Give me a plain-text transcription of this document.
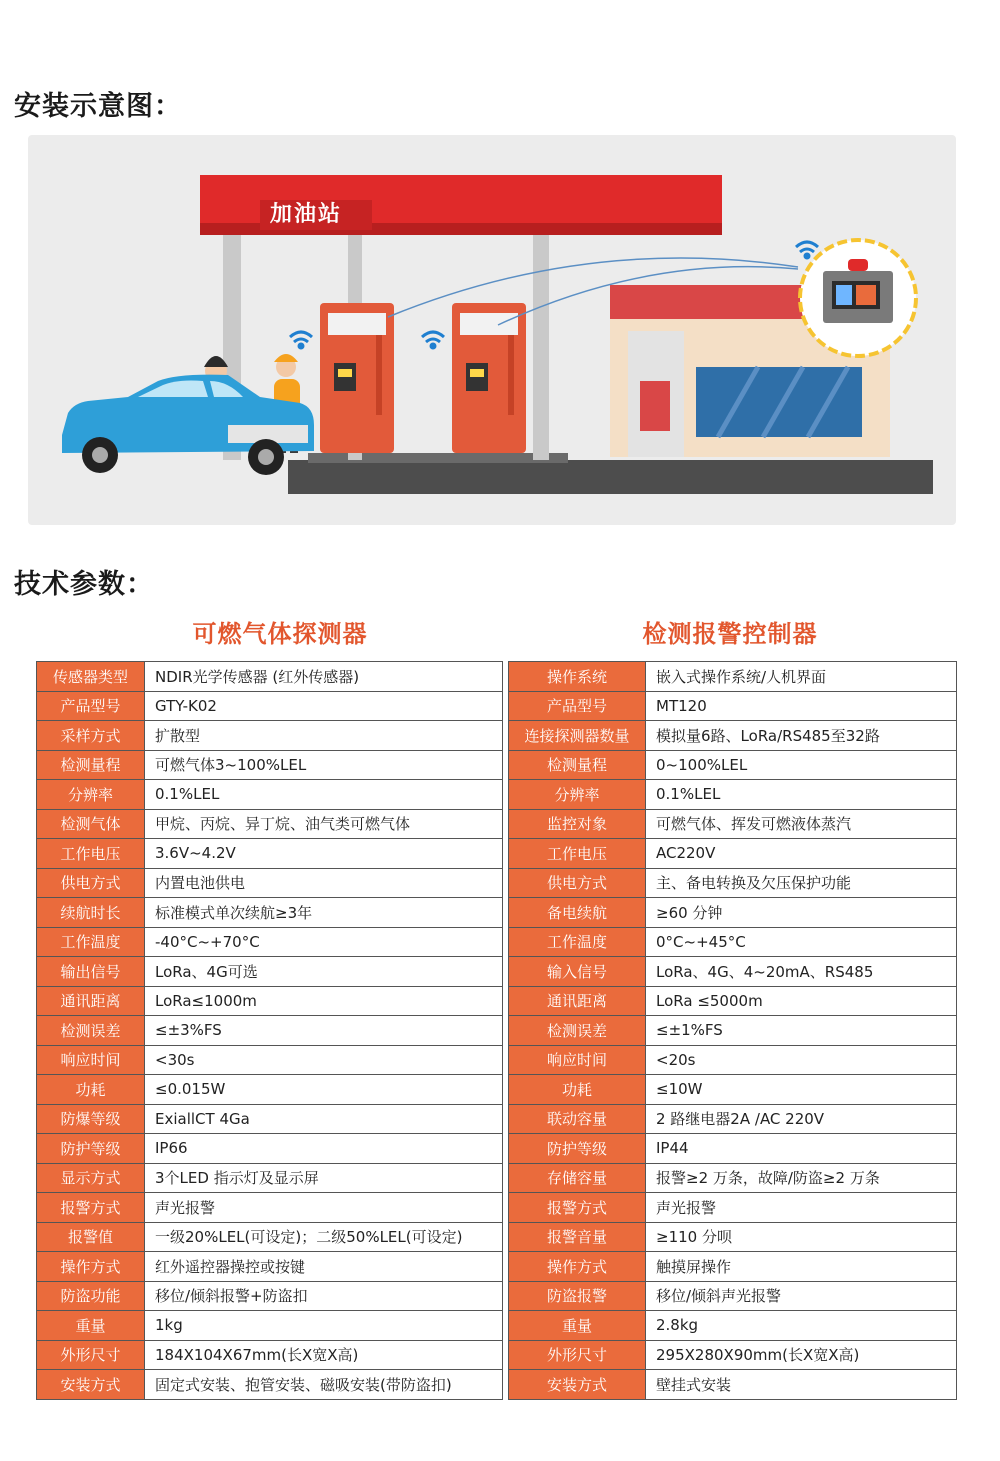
安装示意图：
加油站
技术参数：
可燃气体探测器	检测报警控制器
传感器类型	NDIR光学传感器 (红外传感器)
产品型号	GTY-K02
采样方式	扩散型
检测量程	可燃气体3~100%LEL
分辨率	0.1%LEL
检测气体	甲烷、丙烷、异丁烷、油气类可燃气体
工作电压	3.6V~4.2V
供电方式	内置电池供电
续航时长	标准模式单次续航≥3年
工作温度	-40°C~+70°C
输出信号	LoRa、4G可选
通讯距离	LoRa≤1000m
检测误差	≤±3%FS
响应时间	<30s
功耗	≤0.015W
防爆等级	ExiallCT 4Ga
防护等级	IP66
显示方式	3个LED 指示灯及显示屏
报警方式	声光报警
报警值	一级20%LEL(可设定)；二级50%LEL(可设定)
操作方式	红外遥控器操控或按键
防盗功能	移位/倾斜报警+防盗扣
重量	1kg
外形尺寸	184X104X67mm(长X宽X高)
安装方式	固定式安装、抱管安装、磁吸安装(带防盗扣)
操作系统	嵌入式操作系统/人机界面
产品型号	MT120
连接探测器数量	模拟量6路、LoRa/RS485至32路
检测量程	0~100%LEL
分辨率	0.1%LEL
监控对象	可燃气体、挥发可燃液体蒸汽
工作电压	AC220V
供电方式	主、备电转换及欠压保护功能
备电续航	≥60 分钟
工作温度	0°C~+45°C
输入信号	LoRa、4G、4~20mA、RS485
通讯距离	LoRa ≤5000m
检测误差	≤±1%FS
响应时间	<20s
功耗	≤10W
联动容量	2 路继电器2A /AC 220V
防护等级	IP44
存储容量	报警≥2 万条，故障/防盗≥2 万条
报警方式	声光报警
报警音量	≥110 分呗
操作方式	触摸屏操作
防盗报警	移位/倾斜声光报警
重量	2.8kg
外形尺寸	295X280X90mm(长X宽X高)
安装方式	壁挂式安装
